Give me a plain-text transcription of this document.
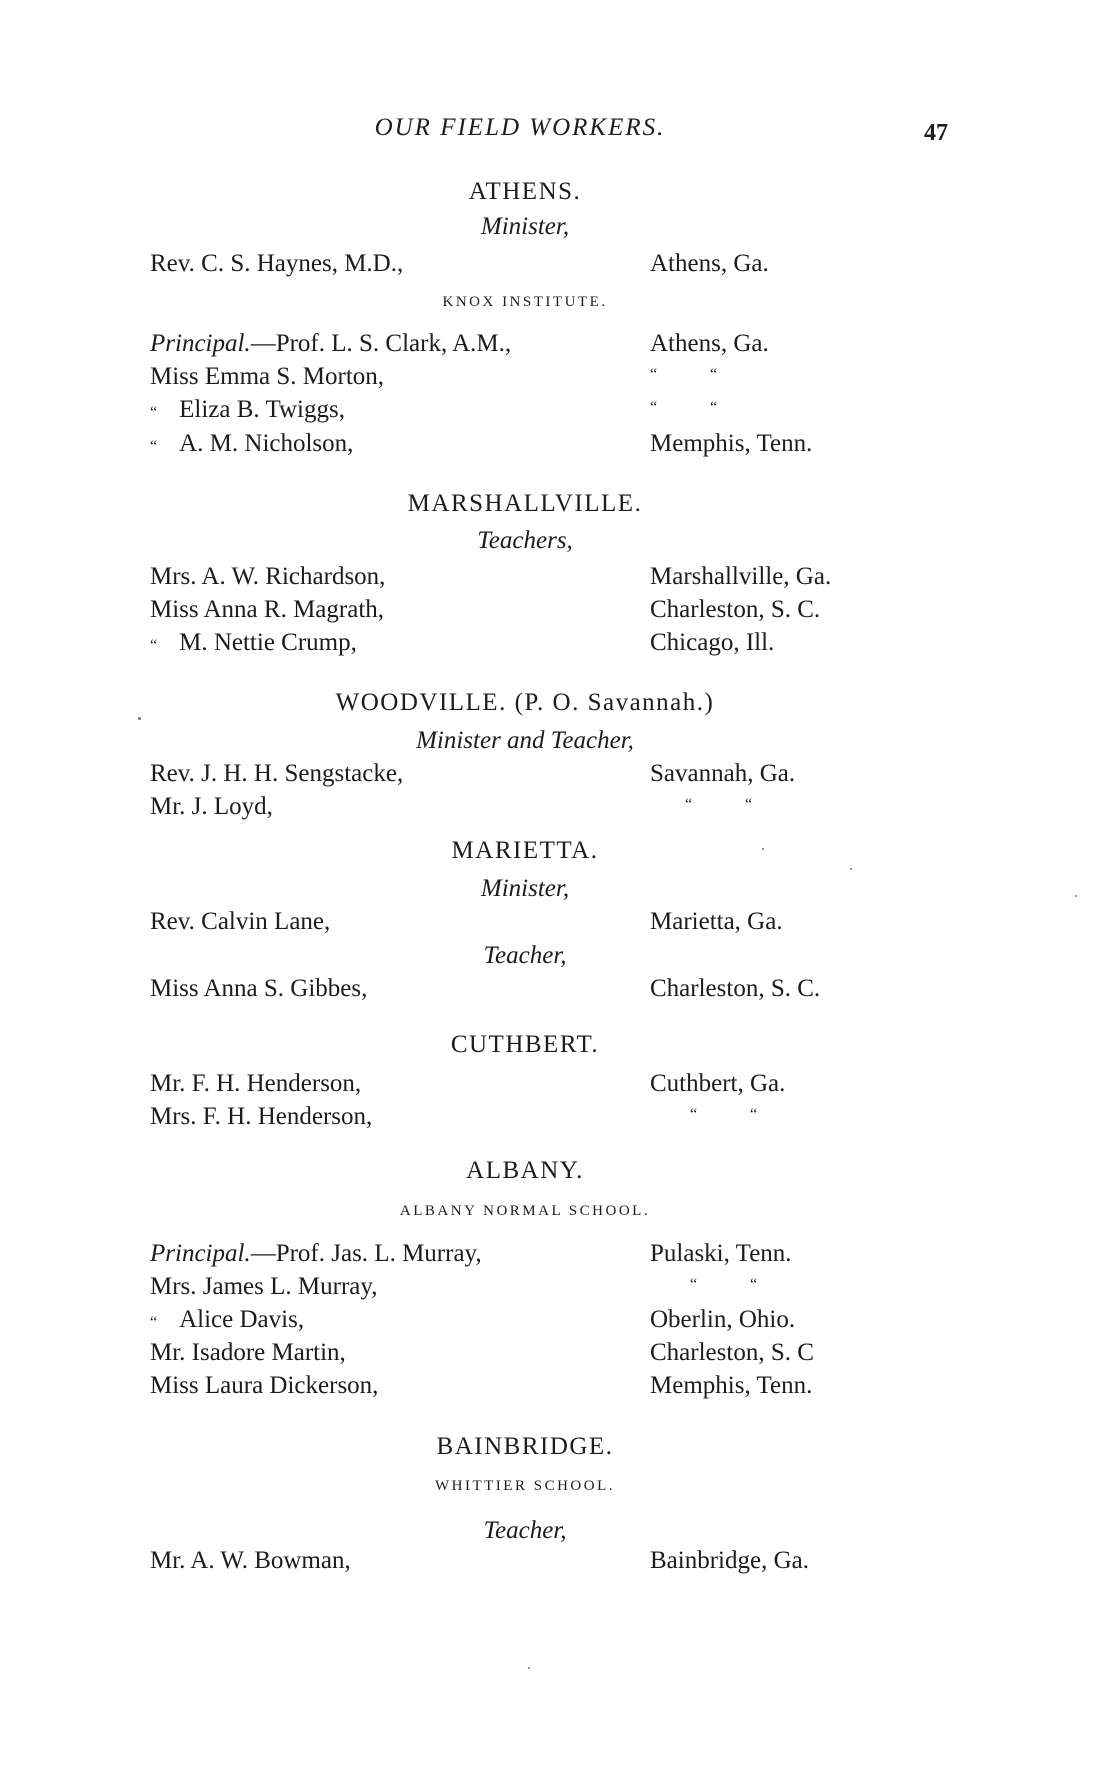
OUR FIELD WORKERS.	47
ATHENS.
Minister,
Rev. C. S. Haynes, M.D.,	Athens, Ga.
KNOX INSTITUTE.
Principal.—Prof. L. S. Clark, A.M.,	Athens, Ga.
Miss Emma S. Morton,	“	“
“ Eliza B. Twiggs,	“	“
“ A. M. Nicholson,	Memphis, Tenn.
MARSHALLVILLE.
Teachers,
Mrs. A. W. Richardson,	Marshallville, Ga.
Miss Anna R. Magrath,	Charleston, S. C.
“ M. Nettie Crump,	Chicago, Ill.
WOODVILLE. (P. O. Savannah.)
Minister and Teacher,
Rev. J. H. H. Sengstacke,	Savannah, Ga.
Mr. J. Loyd,	“	“
MARIETTA.
Minister,
Rev. Calvin Lane,	Marietta, Ga.
Teacher,
Miss Anna S. Gibbes,	Charleston, S. C.
CUTHBERT.
Mr. F. H. Henderson,	Cuthbert, Ga.
Mrs. F. H. Henderson,	“	“
ALBANY.
ALBANY NORMAL SCHOOL.
Principal.—Prof. Jas. L. Murray,	Pulaski, Tenn.
Mrs. James L. Murray,	“	“
“ Alice Davis,	Oberlin, Ohio.
Mr. Isadore Martin,	Charleston, S. C
Miss Laura Dickerson,	Memphis, Tenn.
BAINBRIDGE.
WHITTIER SCHOOL.
Teacher,
Mr. A. W. Bowman,	Bainbridge, Ga.
